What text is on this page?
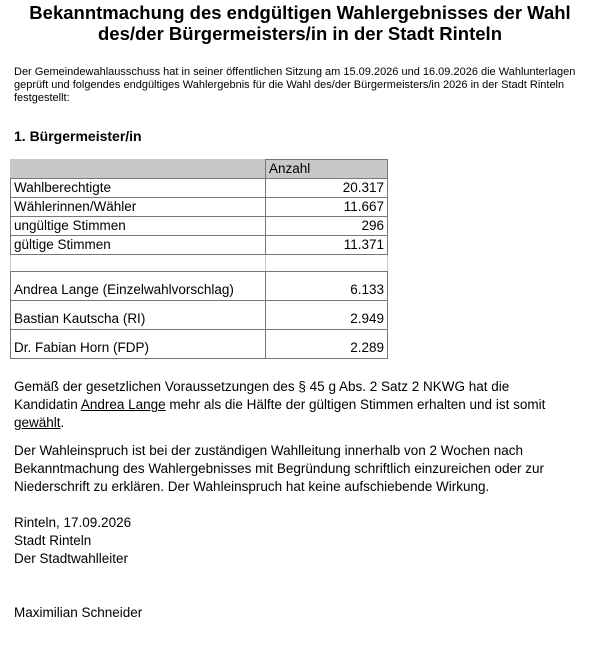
Bekanntmachung des endgültigen Wahlergebnisses der Wahl
des/der Bürgermeisters/in in der Stadt Rinteln
Der Gemeindewahlausschuss hat in seiner öffentlichen Sitzung am 15.09.2026 und 16.09.2026 die Wahlunterlagen geprüft und folgendes endgültiges Wahlergebnis für die Wahl des/der Bürgermeisters/in 2026 in der Stadt Rinteln festgestellt:
1. Bürgermeister/in
	Anzahl
Wahlberechtigte	20.317
Wählerinnen/Wähler	11.667
ungültige Stimmen	296
gültige Stimmen	11.371

Andrea Lange (Einzelwahlvorschlag)	6.133
Bastian Kautscha (RI)	2.949
Dr. Fabian Horn (FDP)	2.289

Gemäß der gesetzlichen Voraussetzungen des § 45 g Abs. 2 Satz 2 NKWG hat die Kandidatin Andrea Lange mehr als die Hälfte der gültigen Stimmen erhalten und ist somit gewählt.

Der Wahleinspruch ist bei der zuständigen Wahlleitung innerhalb von 2 Wochen nach Bekanntmachung des Wahlergebnisses mit Begründung schriftlich einzureichen oder zur Niederschrift zu erklären. Der Wahleinspruch hat keine aufschiebende Wirkung.

Rinteln, 17.09.2026
Stadt Rinteln
Der Stadtwahlleiter
Maximilian Schneider
